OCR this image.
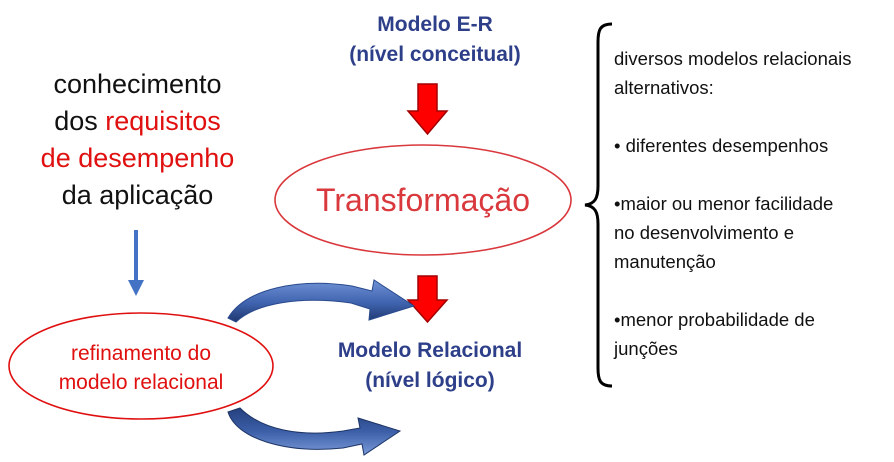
Modelo E-R
(nível conceitual)
Transformação
Modelo Relacional
(nível lógico)
conhecimento
dos requisitos
de desempenho
da aplicação
refinamento do
modelo relacional
diversos modelos relacionais
alternativos:
• diferentes desempenhos
•maior ou menor facilidade
no desenvolvimento e
manutenção
•menor probabilidade de
junções
